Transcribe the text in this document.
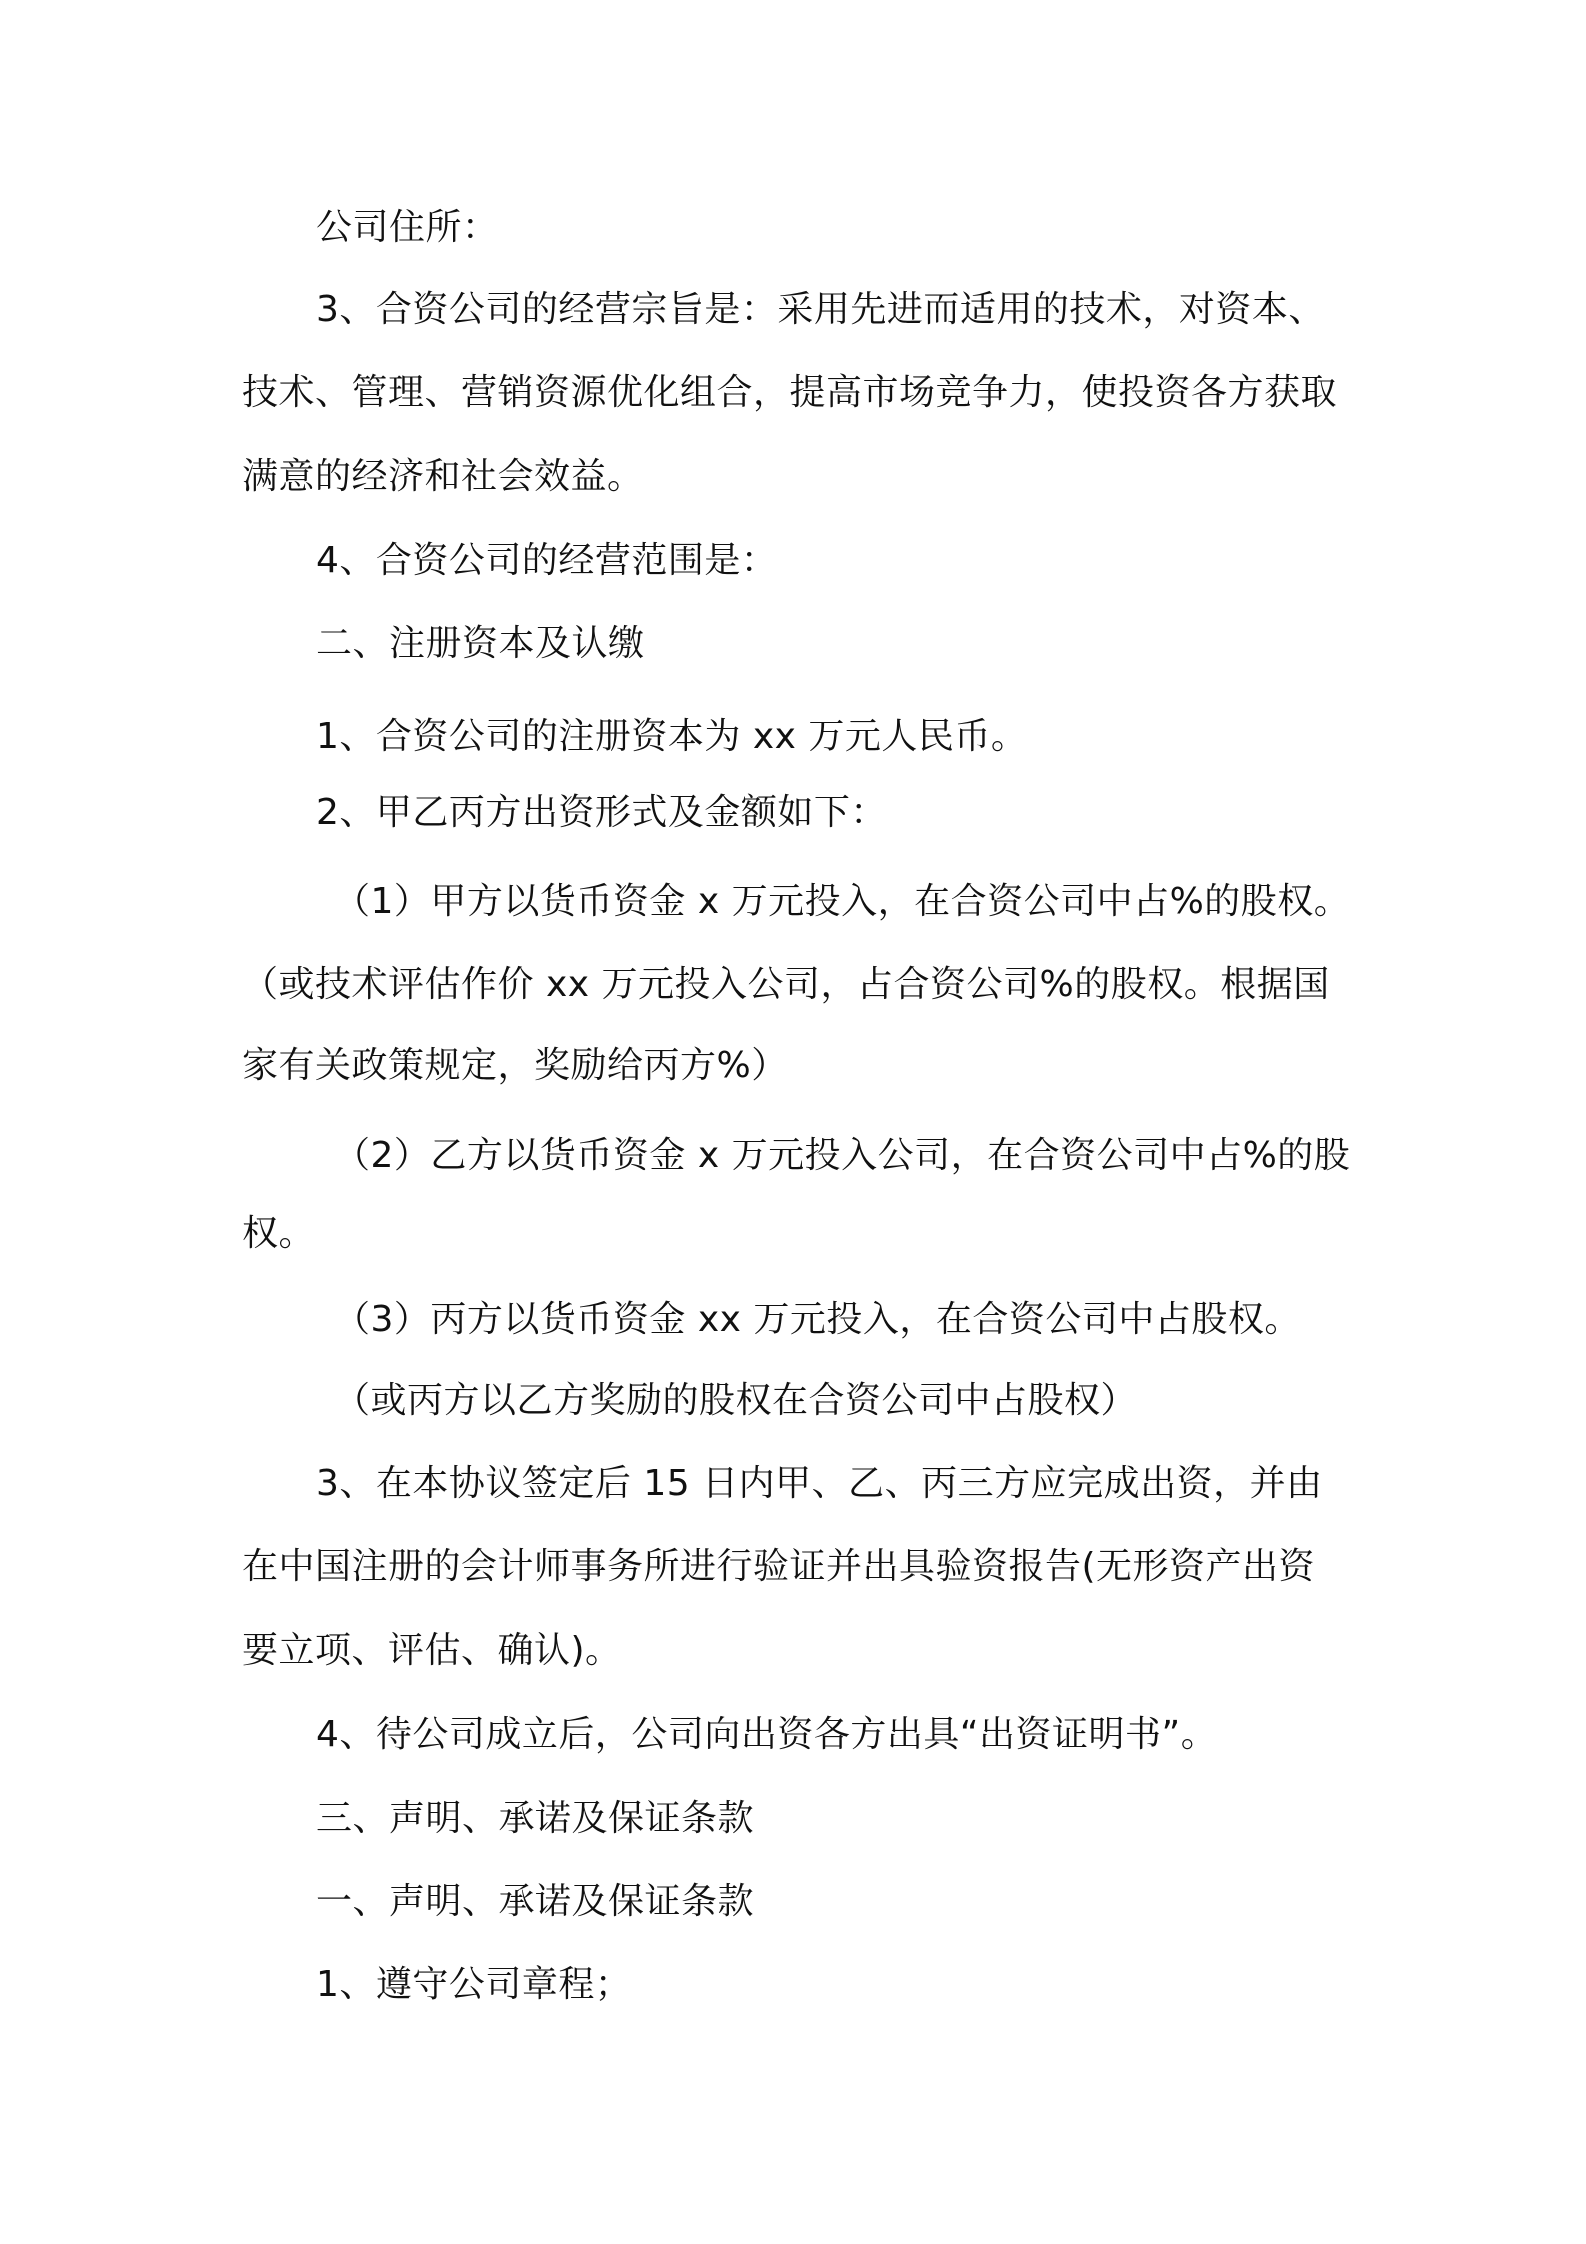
公司住所：

3、合资公司的经营宗旨是：采用先进而适用的技术，对资本、

技术、管理、营销资源优化组合，提高市场竞争力，使投资各方获取

满意的经济和社会效益。

4、合资公司的经营范围是：

二、注册资本及认缴

1、合资公司的注册资本为 xx 万元人民币。

2、甲乙丙方出资形式及金额如下：

（1）甲方以货币资金 x 万元投入，在合资公司中占%的股权。

（或技术评估作价 xx 万元投入公司，占合资公司%的股权。根据国

家有关政策规定，奖励给丙方%）

（2）乙方以货币资金 x 万元投入公司，在合资公司中占%的股

权。

（3）丙方以货币资金 xx 万元投入，在合资公司中占股权。

（或丙方以乙方奖励的股权在合资公司中占股权）

3、在本协议签定后 15 日内甲、乙、丙三方应完成出资，并由

在中国注册的会计师事务所进行验证并出具验资报告(无形资产出资

要立项、评估、确认)。

4、待公司成立后，公司向出资各方出具“出资证明书”。

三、声明、承诺及保证条款

一、声明、承诺及保证条款

1、遵守公司章程；
